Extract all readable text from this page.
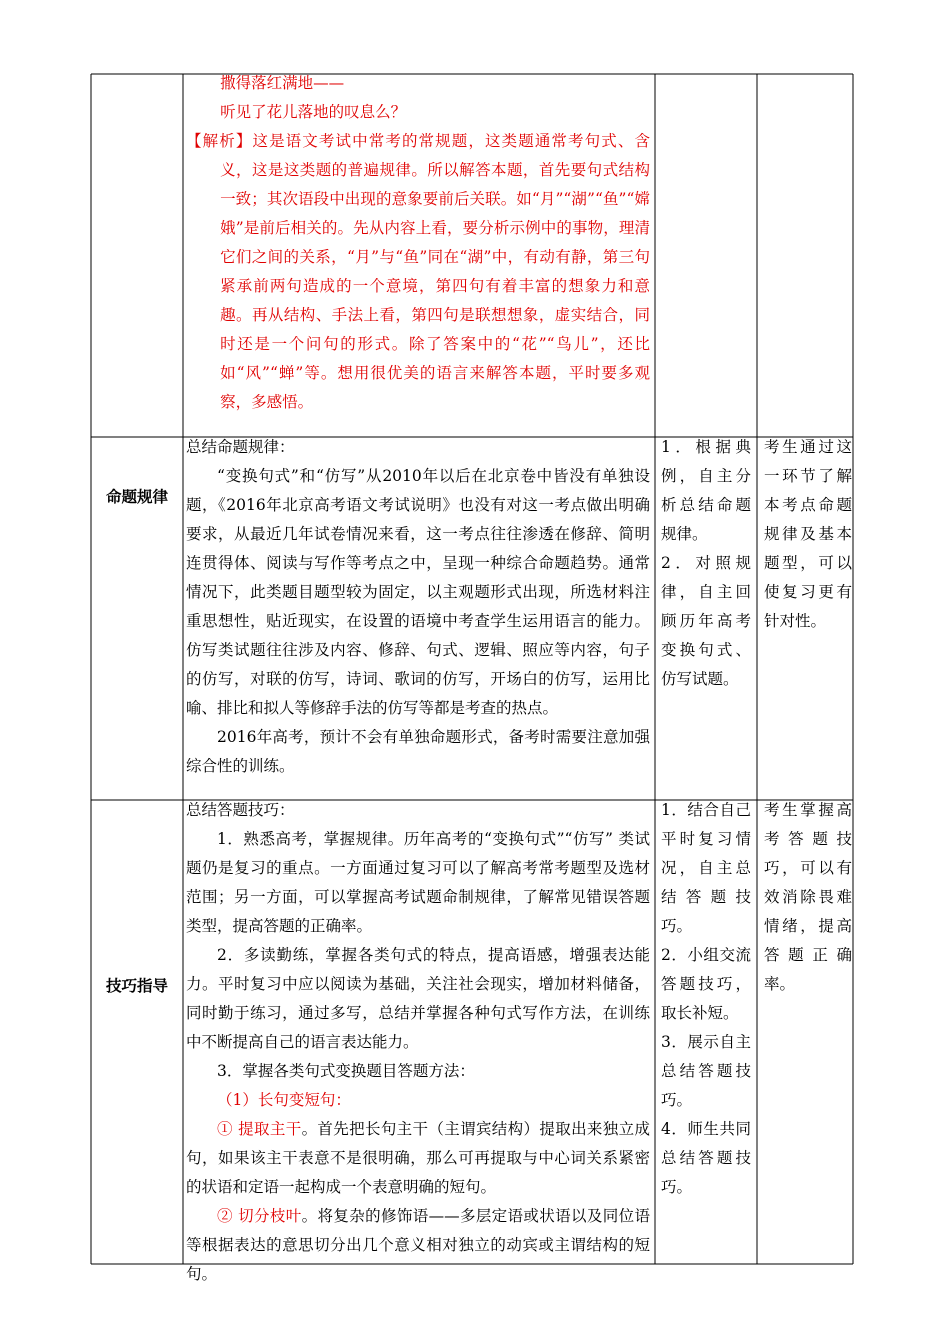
撒得落红满地——

听见了花儿落地的叹息么？

【解析】这是语文考试中常考的常规题，这类题通常考句式、含义，这是这类题的普遍规律。所以解答本题，首先要句式结构一致；其次语段中出现的意象要前后关联。如“月”“湖”“鱼”“嫦娥”是前后相关的。先从内容上看，要分析示例中的事物，理清它们之间的关系，“月”与“鱼”同在“湖”中，有动有静，第三句紧承前两句造成的一个意境，第四句有着丰富的想象力和意趣。再从结构、手法上看，第四句是联想想象，虚实结合，同时还是一个问句的形式。除了答案中的“花”“鸟儿”，还比如“风”“蝉”等。想用很优美的语言来解答本题，平时要多观察，多感悟。

命题规律

总结命题规律：

“变换句式”和“仿写”从2010年以后在北京卷中皆没有单独设题，《2016年北京高考语文考试说明》也没有对这一考点做出明确要求，从最近几年试卷情况来看，这一考点往往渗透在修辞、简明连贯得体、阅读与写作等考点之中，呈现一种综合命题趋势。通常情况下，此类题目题型较为固定，以主观题形式出现，所选材料注重思想性，贴近现实，在设置的语境中考查学生运用语言的能力。仿写类试题往往涉及内容、修辞、句式、逻辑、照应等内容，句子的仿写，对联的仿写，诗词、歌词的仿写，开场白的仿写，运用比喻、排比和拟人等修辞手法的仿写等都是考查的热点。

2016年高考，预计不会有单独命题形式，备考时需要注意加强综合性的训练。

1．根据典例，自主分析总结命题规律。

2．对照规律，自主回顾历年高考变换句式、仿写试题。

考生通过这一环节了解本考点命题规律及基本题型，可以使复习更有针对性。
技巧指导

总结答题技巧：

1．熟悉高考，掌握规律。历年高考的“变换句式”“仿写” 类试题仍是复习的重点。一方面通过复习可以了解高考常考题型及选材范围；另一方面，可以掌握高考试题命制规律，了解常见错误答题类型，提高答题的正确率。

2．多读勤练，掌握各类句式的特点，提高语感，增强表达能力。平时复习中应以阅读为基础，关注社会现实，增加材料储备，同时勤于练习，通过多写，总结并掌握各种句式写作方法，在训练中不断提高自己的语言表达能力。

3．掌握各类句式变换题目答题方法：

（1）长句变短句：

① 提取主干。首先把长句主干（主谓宾结构）提取出来独立成句，如果该主干表意不是很明确，那么可再提取与中心词关系紧密的状语和定语一起构成一个表意明确的短句。

② 切分枝叶。将复杂的修饰语——多层定语或状语以及同位语等根据表达的意思切分出几个意义相对独立的动宾或主谓结构的短句。

1．结合自己平时复习情况，自主总结答题技巧。

2．小组交流答题技巧，取长补短。

3．展示自主总结答题技巧。

4．师生共同总结答题技巧。

考生掌握高考答题技巧，可以有效消除畏难情绪，提高答题正确率。
